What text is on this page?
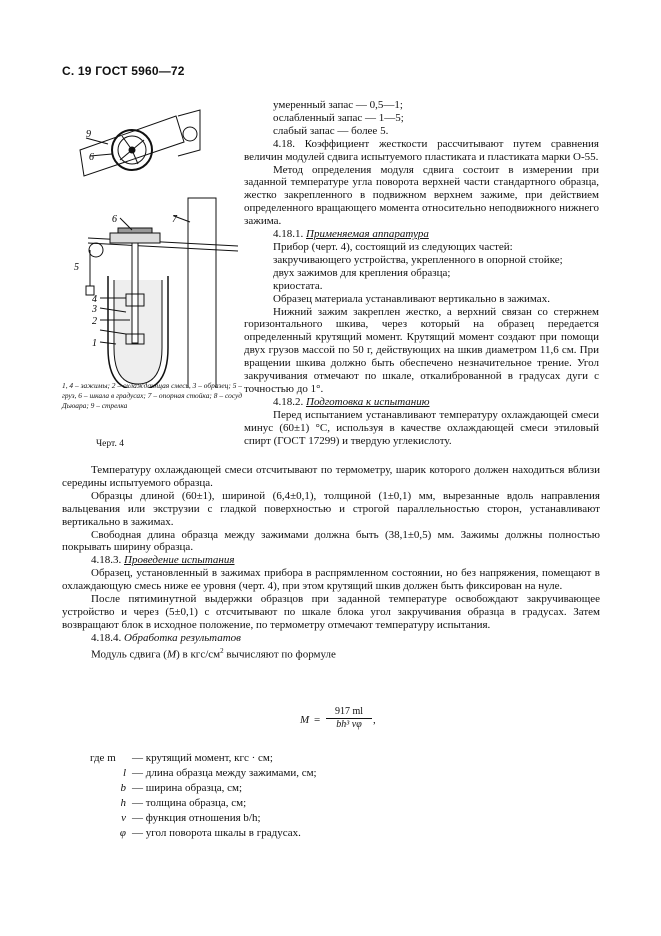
С. 19 ГОСТ 5960—72
9
6
6	7
5
4
3
2
1
1, 4 – зажимы; 2 – охлаждающая смесь, 3 – образец; 5 – груз, 6 – шкала в градусах; 7 – опорная стойка; 8 – сосуд Дьюара; 9 – стрелка
Черт. 4

умеренный запас — 0,5—1;

ослабленный запас — 1—5;

слабый запас — более 5.

4.18. Коэффициент жесткости рассчитывают путем сравнения величин модулей сдвига испытуемого пластиката и пластиката марки О-55.

Метод определения модуля сдвига состоит в измерении при заданной температуре угла поворота верхней части стандартного образца, жестко закрепленного в подвижном верхнем зажиме, при действием определенного вращающего момента относительно неподвижного нижнего зажима.

4.18.1. Применяемая аппаратура

Прибор (черт. 4), состоящий из следующих частей:

закручивающего устройства, укрепленного в опорной стойке;

двух зажимов для крепления образца;

криостата.

Образец материала устанавливают вертикально в зажимах.

Нижний зажим закреплен жестко, а верхний связан со стержнем горизонтального шкива, через который на образец передается определенный крутящий момент. Крутящий момент создают при помощи двух грузов массой по 50 г, действующих на шкив диаметром 11,6 см. При вращении шкива должно быть обеспечено незначительное трение. Угол закручивания отмечают по шкале, откалиброванной в градусах дуги с точностью до 1°.

4.18.2. Подготовка к испытанию

Перед испытанием устанавливают температуру охлаждающей смеси минус (60±1) °С, используя в качестве охлаждающей смеси этиловый спирт (ГОСТ 17299) и твердую углекислоту.

Температуру охлаждающей смеси отсчитывают по термометру, шарик которого должен находиться вблизи середины испытуемого образца.

Образцы длиной (60±1), шириной (6,4±0,1), толщиной (1±0,1) мм, вырезанные вдоль направления вальцевания или экструзии с гладкой поверхностью и строгой параллельностью сторон, устанавливают вертикально в зажимах.

Свободная длина образца между зажимами должна быть (38,1±0,5) мм. Зажимы должны полностью покрывать ширину образца.

4.18.3. Проведение испытания

Образец, установленный в зажимах прибора в распрямленном состоянии, но без напряжения, помещают в охлаждающую смесь ниже ее уровня (черт. 4), при этом крутящий шкив должен быть фиксирован на нуле.

После пятиминутной выдержки образцов при заданной температуре освобождают закручивающее устройство и через (5±0,1) с отсчитывают по шкале блока угол закручивания образца в градусах. Затем возвращают блок в исходное положение, по термометру отмечают температуру испытания.

4.18.4. Обработка результатов

Модуль сдвига (M) в кгс/$см^2$ вычисляют по формуле

$M = \frac{917 ml}{\text{bh³ νφ}}$ ,
где m	— крутящий момент, кгс · см;
l — длина образца между зажимами, см;
b — ширина образца, см;
h — толщина образца, см;
ν — функция отношения b/h;
φ — угол поворота шкалы в градусах.
